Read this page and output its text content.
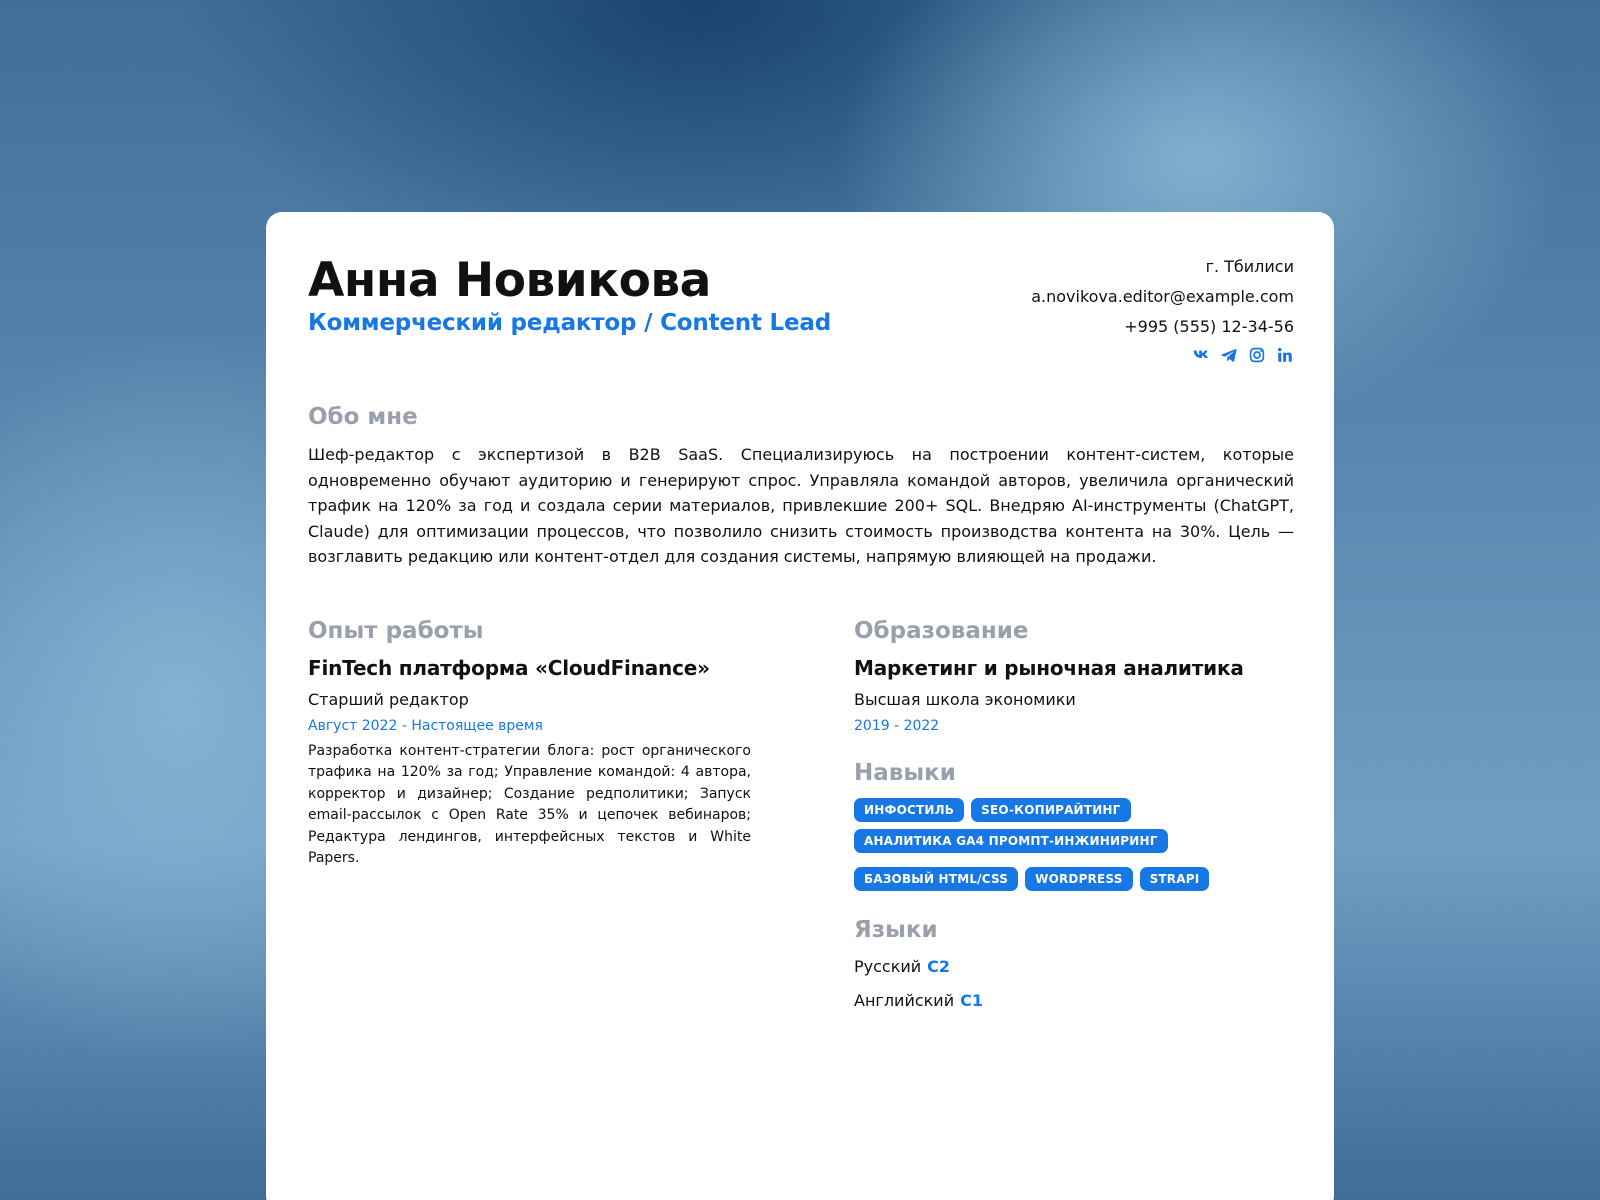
Анна Новикова
Коммерческий редактор / Content Lead
г. Тбилиси
a.novikova.editor@example.com
+995 (555) 12-34-56
Обо мне
Шеф-редактор с экспертизой в B2B SaaS. Специализируюсь на построении контент-систем, которые одновременно обучают аудиторию и генерируют спрос. Управляла командой авторов, увеличила органический трафик на 120% за год и создала серии материалов, привлекшие 200+ SQL. Внедряю AI-инструменты (ChatGPT, Claude) для оптимизации процессов, что позволило снизить стоимость производства контента на 30%. Цель — возглавить редакцию или контент-отдел для создания системы, напрямую влияющей на продажи.
Опыт работы
FinTech платформа «CloudFinance»
Старший редактор
Август 2022 - Настоящее время
Разработка контент-стратегии блога: рост органического трафика на 120% за год; Управление командой: 4 автора, корректор и дизайнер; Создание редполитики; Запуск email-рассылок с Open Rate 35% и цепочек вебинаров; Редактура лендингов, интерфейсных текстов и White Papers.
Образование
Маркетинг и рыночная аналитика
Высшая школа экономики
2019 - 2022
Навыки
ИНФОСТИЛЬ	SEO-КОПИРАЙТИНГ
АНАЛИТИКА GA4 ПРОМПТ-ИНЖИНИРИНГ
БАЗОВЫЙ HTML/CSS	WORDPRESS	STRAPI
Языки
Русский C2
Английский C1
